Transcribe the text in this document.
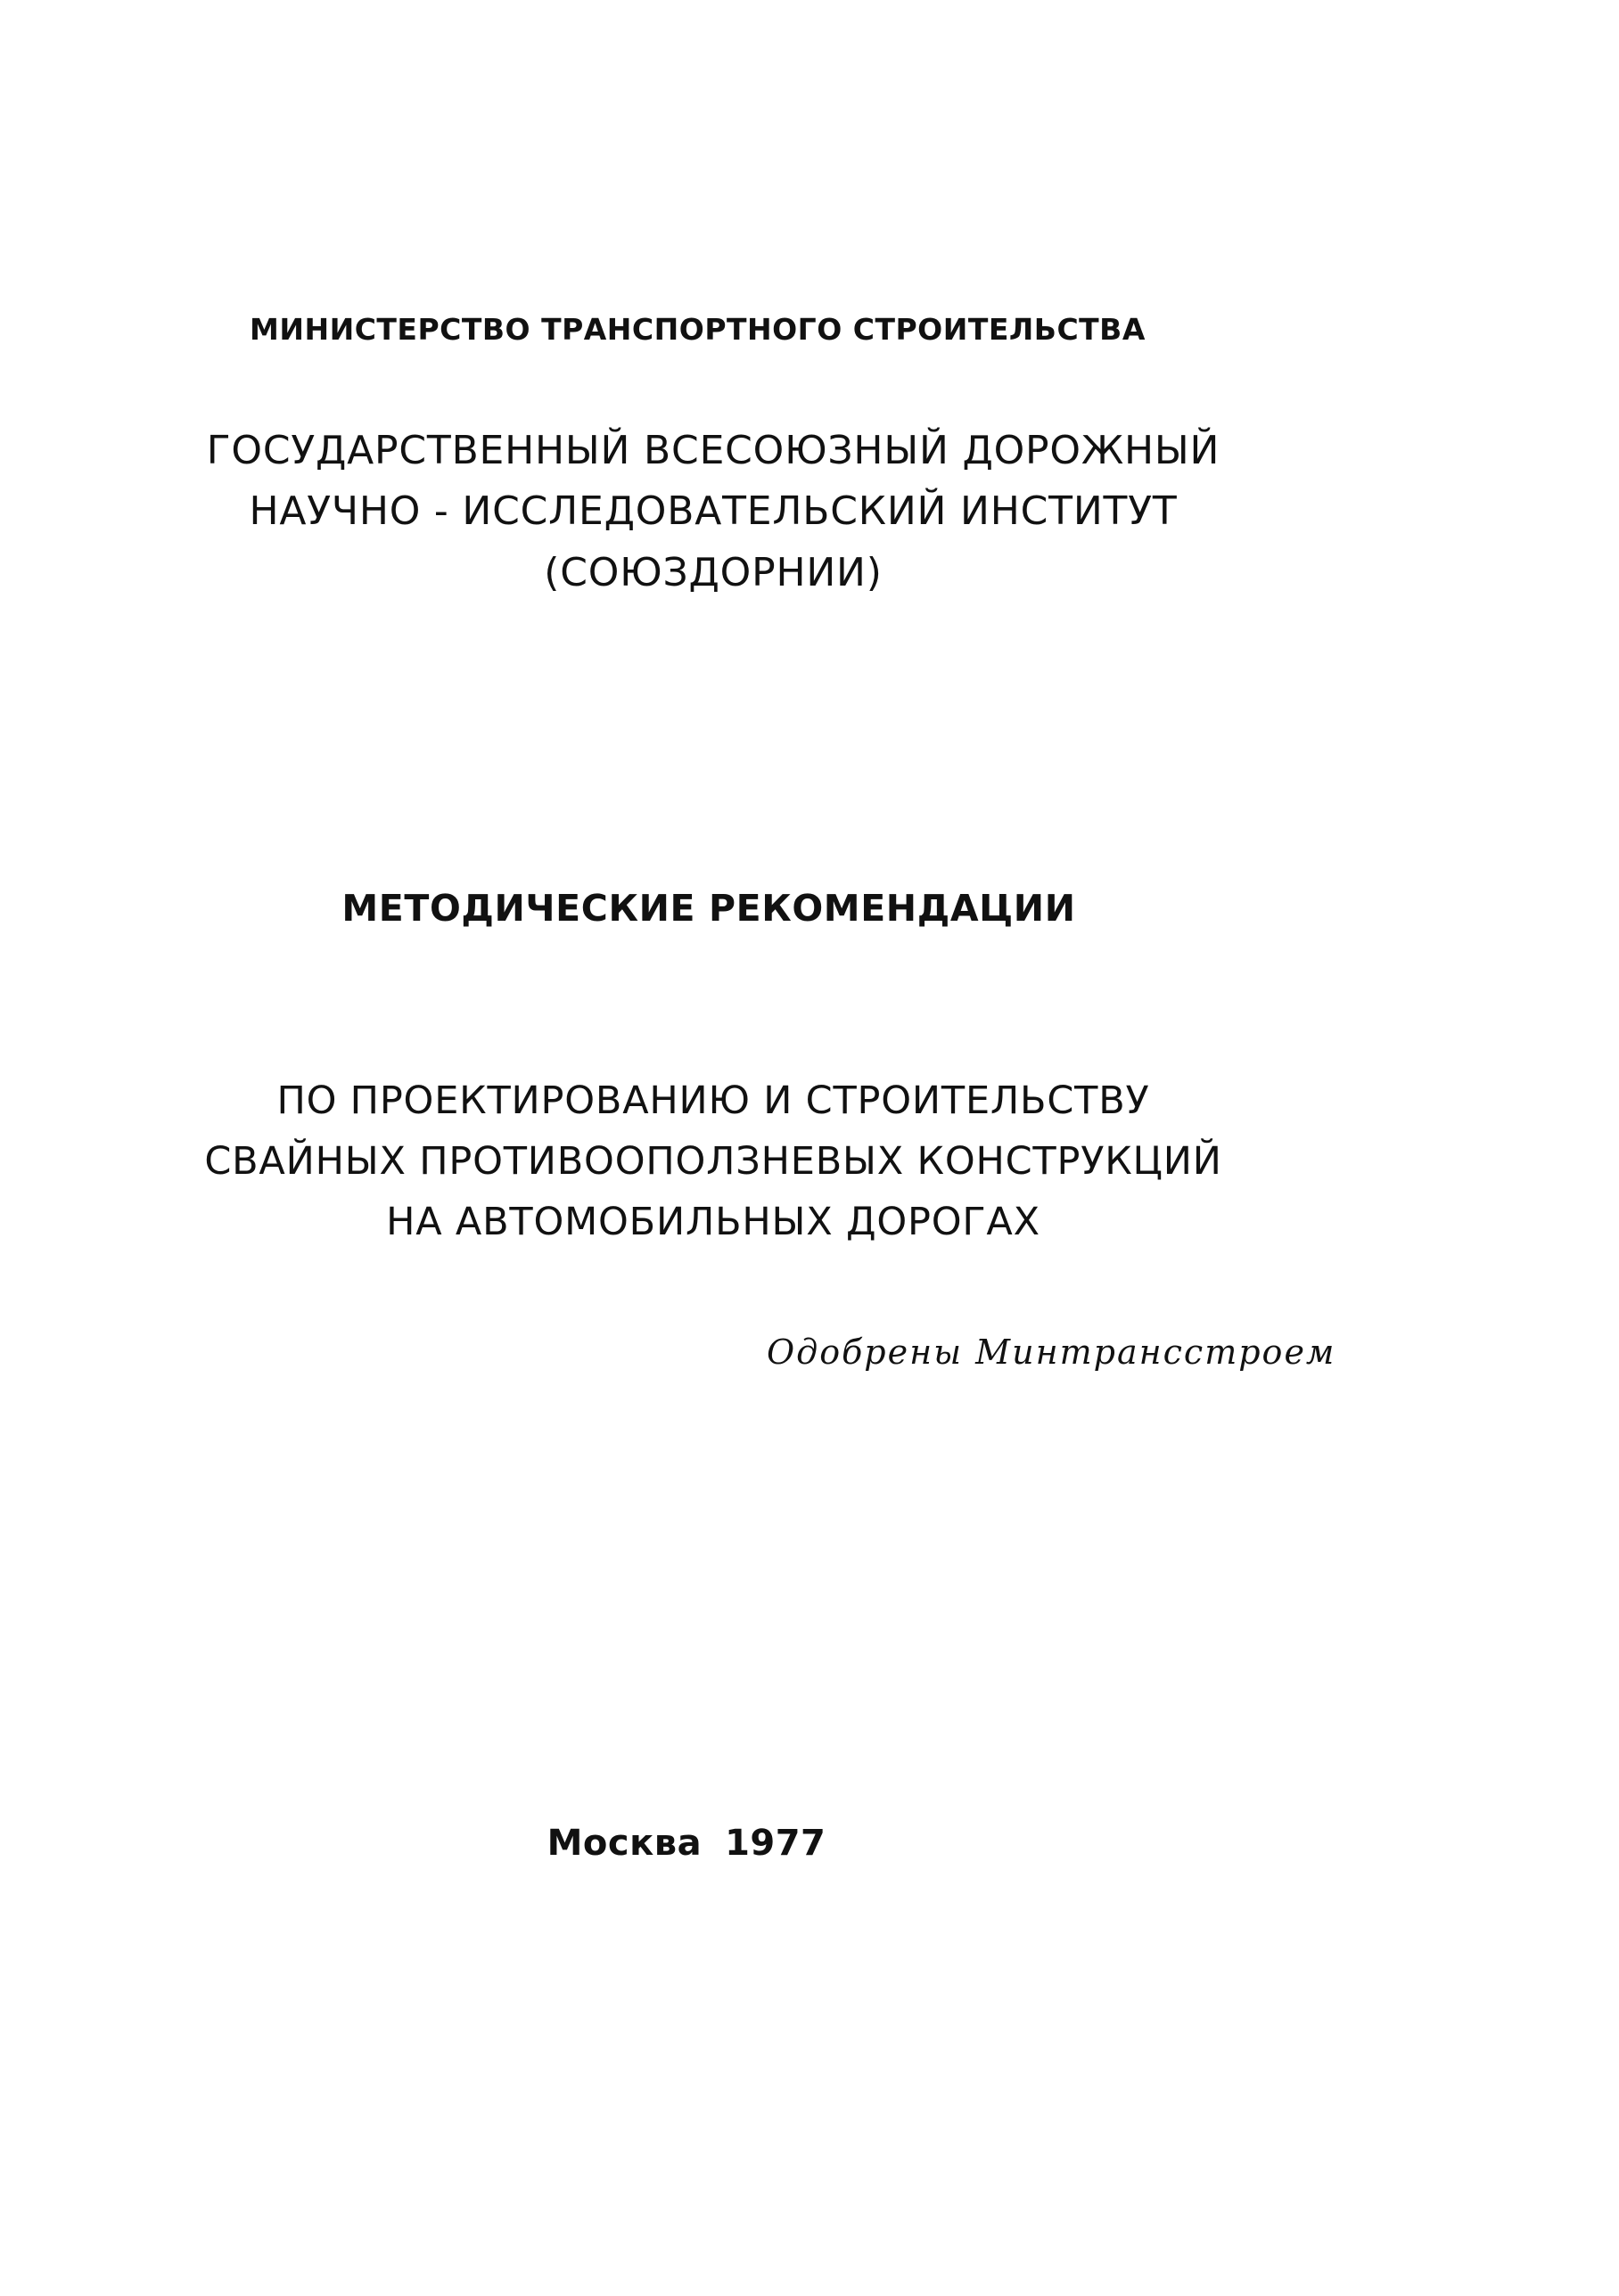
МИНИСТЕРСТВО ТРАНСПОРТНОГО СТРОИТЕЛЬСТВА
ГОСУДАРСТВЕННЫЙ ВСЕСОЮЗНЫЙ ДОРОЖНЫЙ
НАУЧНО - ИССЛЕДОВАТЕЛЬСКИЙ ИНСТИТУТ
(СОЮЗДОРНИИ)
МЕТОДИЧЕСКИЕ РЕКОМЕНДАЦИИ
ПО ПРОЕКТИРОВАНИЮ И СТРОИТЕЛЬСТВУ
СВАЙНЫХ ПРОТИВООПОЛЗНЕВЫХ КОНСТРУКЦИЙ
НА АВТОМОБИЛЬНЫХ ДОРОГАХ
Одобрены Минтрансстроем
Москва 1977
